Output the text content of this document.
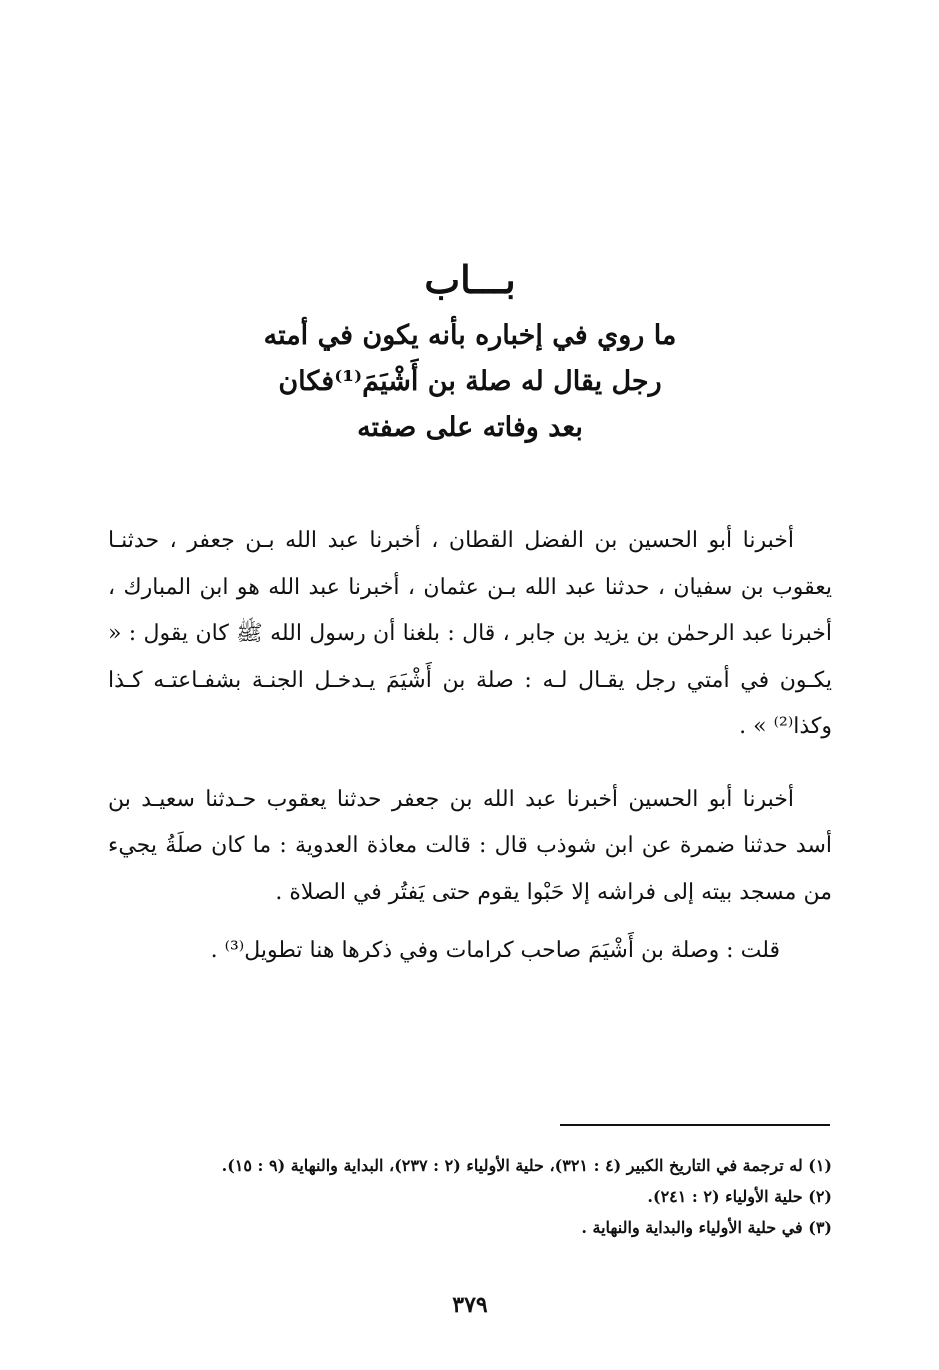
بـــاب
ما روي في إخباره بأنه يكون في أمته
رجل يقال له صلة بن أَشْيَمَ⁽¹⁾فكان
بعد وفاته على صفته

أخبرنا أبو الحسين بن الفضل القطان ، أخبرنا عبد الله بـن جعفر ، حدثنـا يعقوب بن سفيان ، حدثنا عبد الله بـن عثمان ، أخبرنا عبد الله هو ابن المبارك ، أخبرنا عبد الرحمٰن بن يزيد بن جابر ، قال : بلغنا أن رسول الله ﷺ كان يقول : « يكـون في أمتي رجل يقـال لـه : صلة بن أَشْيَمَ يـدخـل الجنـة بشفـاعتـه كـذا وكذا⁽²⁾ » .

أخبرنا أبو الحسين أخبرنا عبد الله بن جعفر حدثنا يعقوب حـدثنا سعيـد بن أسد حدثنا ضمرة عن ابن شوذب قال : قالت معاذة العدوية : ما كان صلَةُ يجيء من مسجد بيته إلى فراشه إلا حَبْوا يقوم حتى يَفتُر في الصلاة .

قلت : وصلة بن أَشْيَمَ صاحب كرامات وفي ذكرها هنا تطويل⁽³⁾ .

(١) له ترجمة في التاريخ الكبير (٤ : ٣٢١)، حلية الأولياء (٢ : ٢٣٧)، البداية والنهاية (٩ : ١٥).

(٢) حلية الأولياء (٢ : ٢٤١).

(٣) في حلية الأولياء والبداية والنهاية .

٣٧٩
